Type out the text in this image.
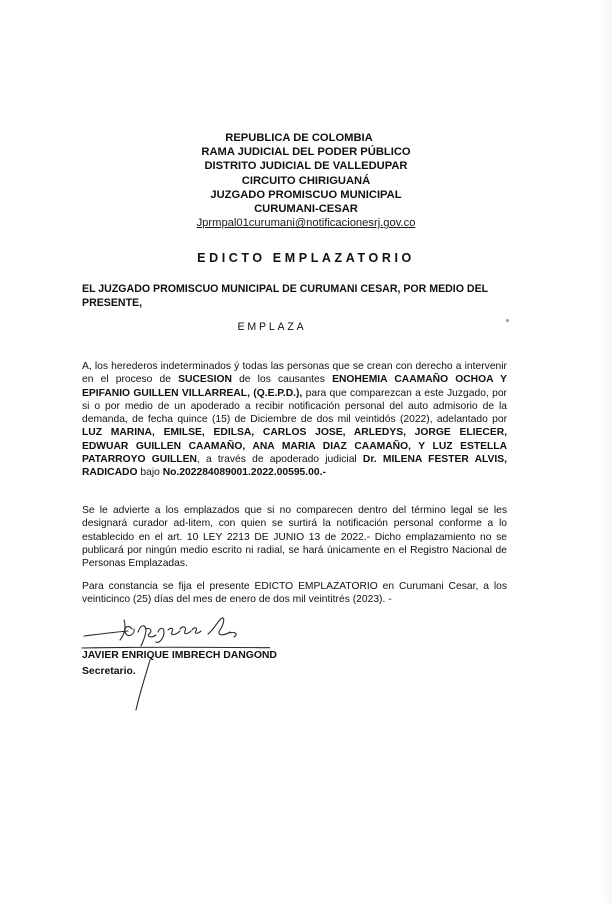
REPUBLICA DE COLOMBIA
RAMA JUDICIAL DEL PODER PÚBLICO
DISTRITO JUDICIAL DE VALLEDUPAR
CIRCUITO CHIRIGUANÁ
JUZGADO PROMISCUO MUNICIPAL
CURUMANI-CESAR
Jprmpal01curumani@notificacionesrj.gov.co
EDICTO EMPLAZATORIO
EL JUZGADO PROMISCUO MUNICIPAL DE CURUMANI CESAR, POR MEDIO DEL PRESENTE,
EMPLAZA
A, los herederos indeterminados ý todas las personas que se crean con derecho a intervenir en el proceso de SUCESION de los causantes ENOHEMIA CAAMAÑO OCHOA Y EPIFANIO GUILLEN VILLARREAL, (Q.E.P.D.), para que comparezcan a este Juzgado, por si o por medio de un apoderado a recibir notificación personal del auto admisorio de la demanda, de fecha quince (15) de Diciembre de dos mil veintidós (2022), adelantado por LUZ MARINA, EMILSE, EDILSA, CARLOS JOSE, ARLEDYS, JORGE ELIECER, EDWUAR GUILLEN CAAMAÑO, ANA MARIA DIAZ CAAMAÑO, Y LUZ ESTELLA PATARROYO GUILLEN, a través de apoderado judicial Dr. MILENA FESTER ALVIS, RADICADO bajo No.202284089001.2022.00595.00.-
Se le advierte a los emplazados que si no comparecen dentro del término legal se les designará curador ad-litem, con quien se surtirá la notificación personal conforme a lo establecido en el art. 10 LEY 2213 DE JUNIO 13 de 2022.- Dicho emplazamiento no se publicará por ningún medio escrito ni radial, se hará únicamente en el Registro Nacional de Personas Emplazadas.
Para constancia se fija el presente EDICTO EMPLAZATORIO en Curumani Cesar, a los veinticinco (25) días del mes de enero de dos mil veintitrés (2023). -
JAVIER ENRIQUE IMBRECH DANGOND
Secretario.
